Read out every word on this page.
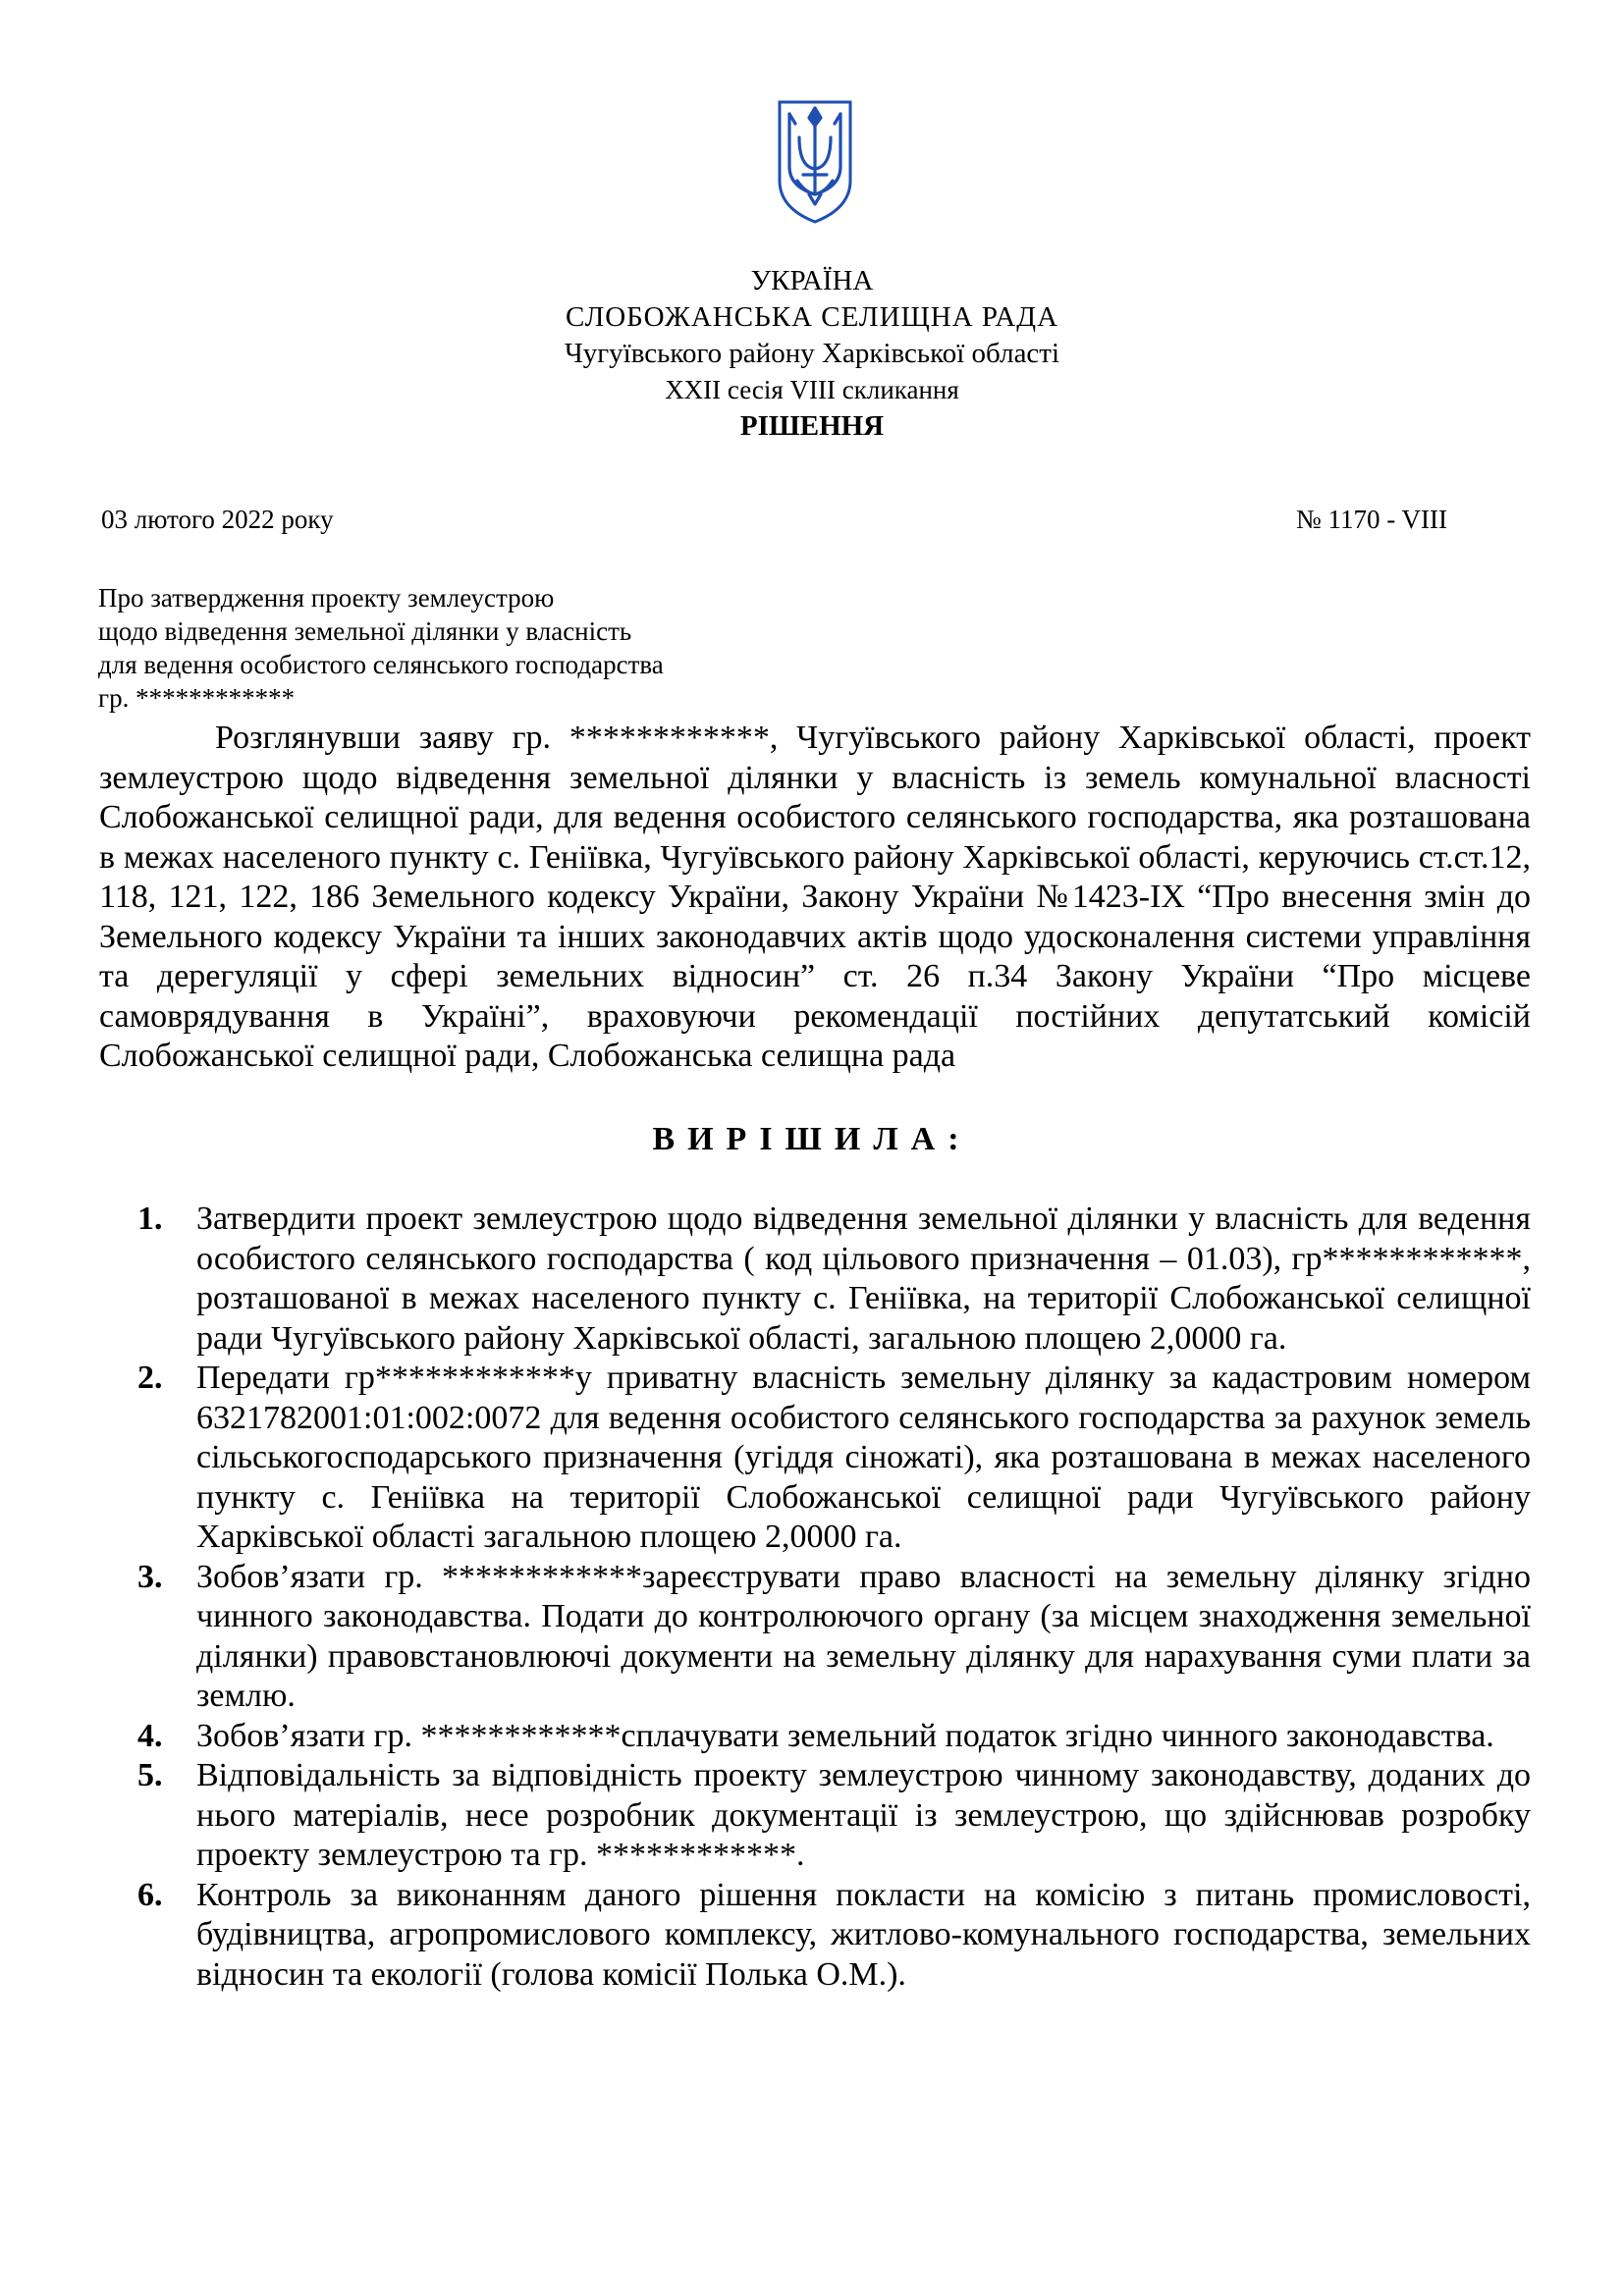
УКРАЇНА
СЛОБОЖАНСЬКА СЕЛИЩНА РАДА
Чугуївського району Харківської області
ХХІІ сесія VІІІ скликання
РІШЕННЯ
03 лютого 2022 року	№ 1170 - VІІІ
Про затвердження проекту землеустрою
щодо відведення земельної ділянки у власність
для ведення особистого селянського господарства
гр. ************
Розглянувши заяву гр. ************, Чугуївського району Харківської області, проект землеустрою щодо відведення земельної ділянки у власність із земель комунальної власності Слобожанської селищної ради, для ведення особистого селянського господарства, яка розташована в межах населеного пункту с. Геніївка, Чугуївського району Харківської області, керуючись ст.ст.12, 118, 121, 122, 186 Земельного кодексу України, Закону України №1423-IX “Про внесення змін до Земельного кодексу України та інших законодавчих актів щодо удосконалення системи управління та дерегуляції у сфері земельних відносин” ст. 26 п.34 Закону України “Про місцеве самоврядування в Україні”, враховуючи рекомендації постійних депутатський комісій Слобожанської селищної ради, Слобожанська селищна рада
ВИРІШИЛА:
1. Затвердити проект землеустрою щодо відведення земельної ділянки у власність для ведення особистого селянського господарства ( код цільового призначення – 01.03), гр************, розташованої в межах населеного пункту с. Геніївка, на території Слобожанської селищної ради Чугуївського району Харківської області, загальною площею 2,0000 га.
2. Передати гр************у приватну власність земельну ділянку за кадастровим номером 6321782001:01:002:0072 для ведення особистого селянського господарства за рахунок земель сільськогосподарського призначення (угіддя сіножаті), яка розташована в межах населеного пункту с. Геніївка на території Слобожанської селищної ради Чугуївського району Харківської області загальною площею 2,0000 га.
3. Зобов’язати гр. ************зареєструвати право власності на земельну ділянку згідно чинного законодавства. Подати до контролюючого органу (за місцем знаходження земельної ділянки) правовстановлюючі документи на земельну ділянку для нарахування суми плати за землю.
4. Зобов’язати гр. ************сплачувати земельний податок згідно чинного законодавства.
5. Відповідальність за відповідність проекту землеустрою чинному законодавству, доданих до нього матеріалів, несе розробник документації із землеустрою, що здійснював розробку проекту землеустрою та гр. ************.
6. Контроль за виконанням даного рішення покласти на комісію з питань промисловості, будівництва, агропромислового комплексу, житлово-комунального господарства, земельних відносин та екології (голова комісії Полька О.М.).
